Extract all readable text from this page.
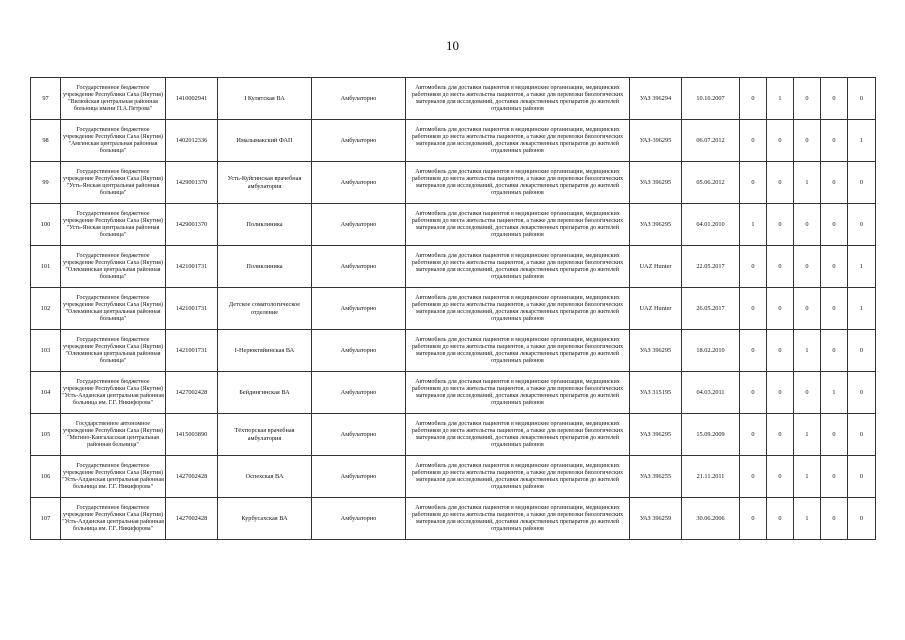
10
97	Государственное бюджетное учреждение Республики Саха (Якутия) "Вилюйская центральная районная больница имени П.А.Петрова"	1410002941	I Кулятская ВА	Амбулаторно	Автомобиль для доставки пациентов в медицинские организации, медицинских работников до места жительства пациентов, а также для перевозки биологических материалов для исследований, доставки лекарственных препаратов до жителей отдаленных районов	УАЗ 396294	10.10.2007	0	1	0	0	0
98	Государственное бюджетное учреждение Республики Саха (Якутия) "Амгинская центральная районная больница"	1402012336	Ималымакский ФАП	Амбулаторно	Автомобиль для доставки пациентов в медицинские организации, медицинских работников до места жительства пациентов, а также для перевозки биологических материалов для исследований, доставки лекарственных препаратов до жителей отдаленных районов	УАЗ-396295	06.07.2012	0	0	0	0	1
99	Государственное бюджетное учреждение Республики Саха (Якутия) "Усть-Янская центральная районная больница"	1429001370	Усть-Куйгинская врачебная амбулатория	Амбулаторно	Автомобиль для доставки пациентов в медицинские организации, медицинских работников до места жительства пациентов, а также для перевозки биологических материалов для исследований, доставки лекарственных препаратов до жителей отдаленных районов	УАЗ 396295	05.06.2012	0	0	1	0	0
100	Государственное бюджетное учреждение Республики Саха (Якутия) "Усть-Янская центральная районная больница"	1429001370	Поликлиника	Амбулаторно	Автомобиль для доставки пациентов в медицинские организации, медицинских работников до места жительства пациентов, а также для перевозки биологических материалов для исследований, доставки лекарственных препаратов до жителей отдаленных районов	УАЗ 396295	04.01.2010	1	0	0	0	0
101	Государственное бюджетное учреждение Республики Саха (Якутия) "Олекминская центральная районная больница"	1421001731	Поликлиника	Амбулаторно	Автомобиль для доставки пациентов в медицинские организации, медицинских работников до места жительства пациентов, а также для перевозки биологических материалов для исследований, доставки лекарственных препаратов до жителей отдаленных районов	UAZ Hunter	22.05.2017	0	0	0	0	1
102	Государственное бюджетное учреждение Республики Саха (Якутия) "Олекминская центральная районная больница"	1421001731	Детское соматологическое отделение	Амбулаторно	Автомобиль для доставки пациентов в медицинские организации, медицинских работников до места жительства пациентов, а также для перевозки биологических материалов для исследований, доставки лекарственных препаратов до жителей отдаленных районов	UAZ Hunter	26.05.2017	0	0	0	0	1
103	Государственное бюджетное учреждение Республики Саха (Якутия) "Олекминская центральная районная больница"	1421001731	I-Нерюктяйинская ВА	Амбулаторно	Автомобиль для доставки пациентов в медицинские организации, медицинских работников до места жительства пациентов, а также для перевозки биологических материалов для исследований, доставки лекарственных препаратов до жителей отдаленных районов	УАЗ 396295	18.02.2010	0	0	1	0	0
104	Государственное бюджетное учреждение Республики Саха (Якутия) "Усть-Алданская центральная районная больница им. Г.Г. Никифорова"	1427002428	Бейдингинская ВА	Амбулаторно	Автомобиль для доставки пациентов в медицинские организации, медицинских работников до места жительства пациентов, а также для перевозки биологических материалов для исследований, доставки лекарственных препаратов до жителей отдаленных районов	УАЗ 315195	04.03.2011	0	0	0	1	0
105	Государственное автономное учреждение Республики Саха (Якутия) "Мегино-Кангаласская центральная районная больница"	1415003890	Тёхтюрская врачебная амбулатория	Амбулаторно	Автомобиль для доставки пациентов в медицинские организации, медицинских работников до места жительства пациентов, а также для перевозки биологических материалов для исследований, доставки лекарственных препаратов до жителей отдаленных районов	УАЗ 396295	15.09.2009	0	0	1	0	0
106	Государственное бюджетное учреждение Республики Саха (Якутия) "Усть-Алданская центральная районная больница им. Г.Г. Никифорова"	1427002428	Оспехская ВА	Амбулаторно	Автомобиль для доставки пациентов в медицинские организации, медицинских работников до места жительства пациентов, а также для перевозки биологических материалов для исследований, доставки лекарственных препаратов до жителей отдаленных районов	УАЗ 396255	21.11.2011	0	0	1	0	0
107	Государственное бюджетное учреждение Республики Саха (Якутия) "Усть-Алданская центральная районная больница им. Г.Г. Никифорова"	1427002428	Курбусахская ВА	Амбулаторно	Автомобиль для доставки пациентов в медицинские организации, медицинских работников до места жительства пациентов, а также для перевозки биологических материалов для исследований, доставки лекарственных препаратов до жителей отдаленных районов	УАЗ 396259	30.06.2006	0	0	1	0	0
